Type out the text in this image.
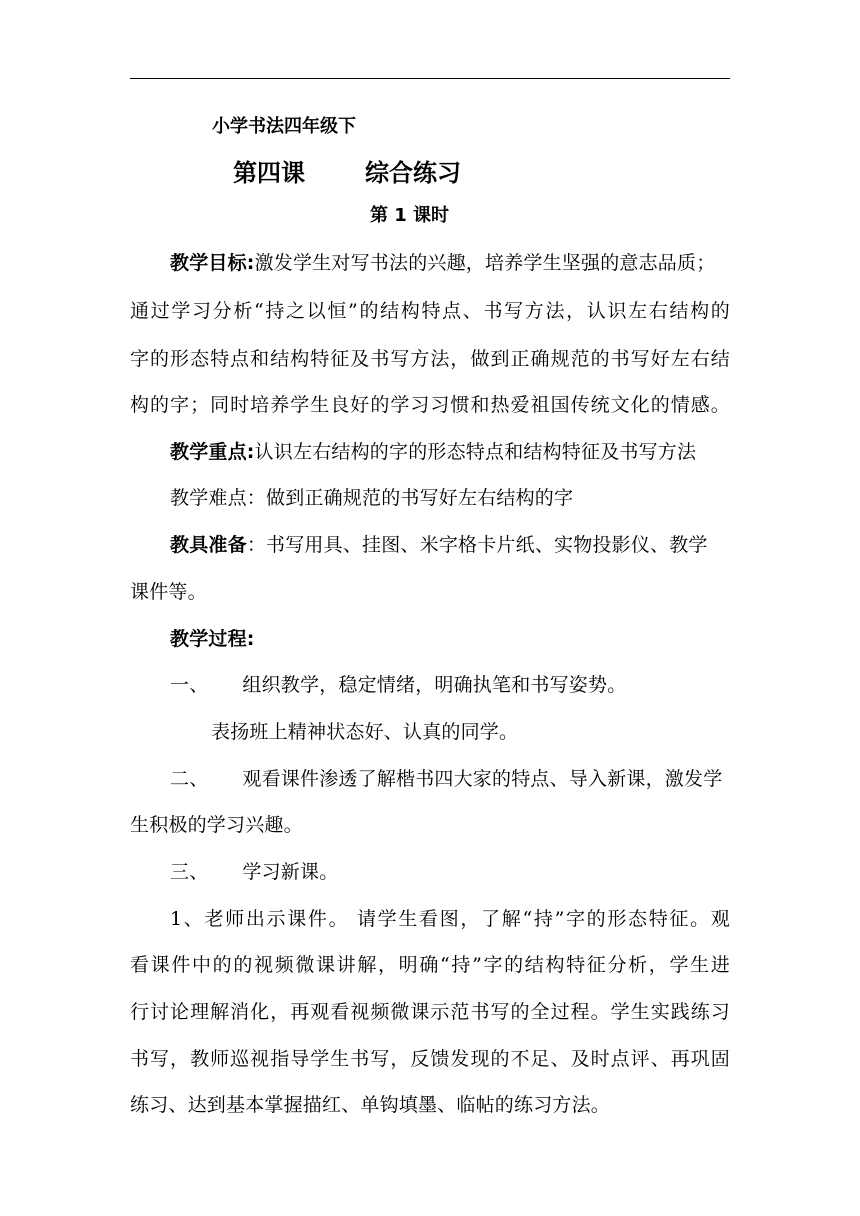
小学书法四年级下
第四课	综合练习
第 1 课时
教学目标:激发学生对写书法的兴趣，培养学生坚强的意志品质；
通过学习分析“持之以恒”的结构特点、书写方法，认识左右结构的
字的形态特点和结构特征及书写方法，做到正确规范的书写好左右结
构的字；同时培养学生良好的学习习惯和热爱祖国传统文化的情感。
教学重点:认识左右结构的字的形态特点和结构特征及书写方法
教学难点：做到正确规范的书写好左右结构的字
教具准备：书写用具、挂图、米字格卡片纸、实物投影仪、教学
课件等。
教学过程:
一、 组织教学，稳定情绪，明确执笔和书写姿势。
表扬班上精神状态好、认真的同学。
二、 观看课件渗透了解楷书四大家的特点、导入新课，激发学
生积极的学习兴趣。
三、 学习新课。
1、老师出示课件。 请学生看图，了解“持”字的形态特征。观
看课件中的的视频微课讲解，明确“持”字的结构特征分析，学生进
行讨论理解消化，再观看视频微课示范书写的全过程。学生实践练习
书写，教师巡视指导学生书写，反馈发现的不足、及时点评、再巩固
练习、达到基本掌握描红、单钩填墨、临帖的练习方法。
